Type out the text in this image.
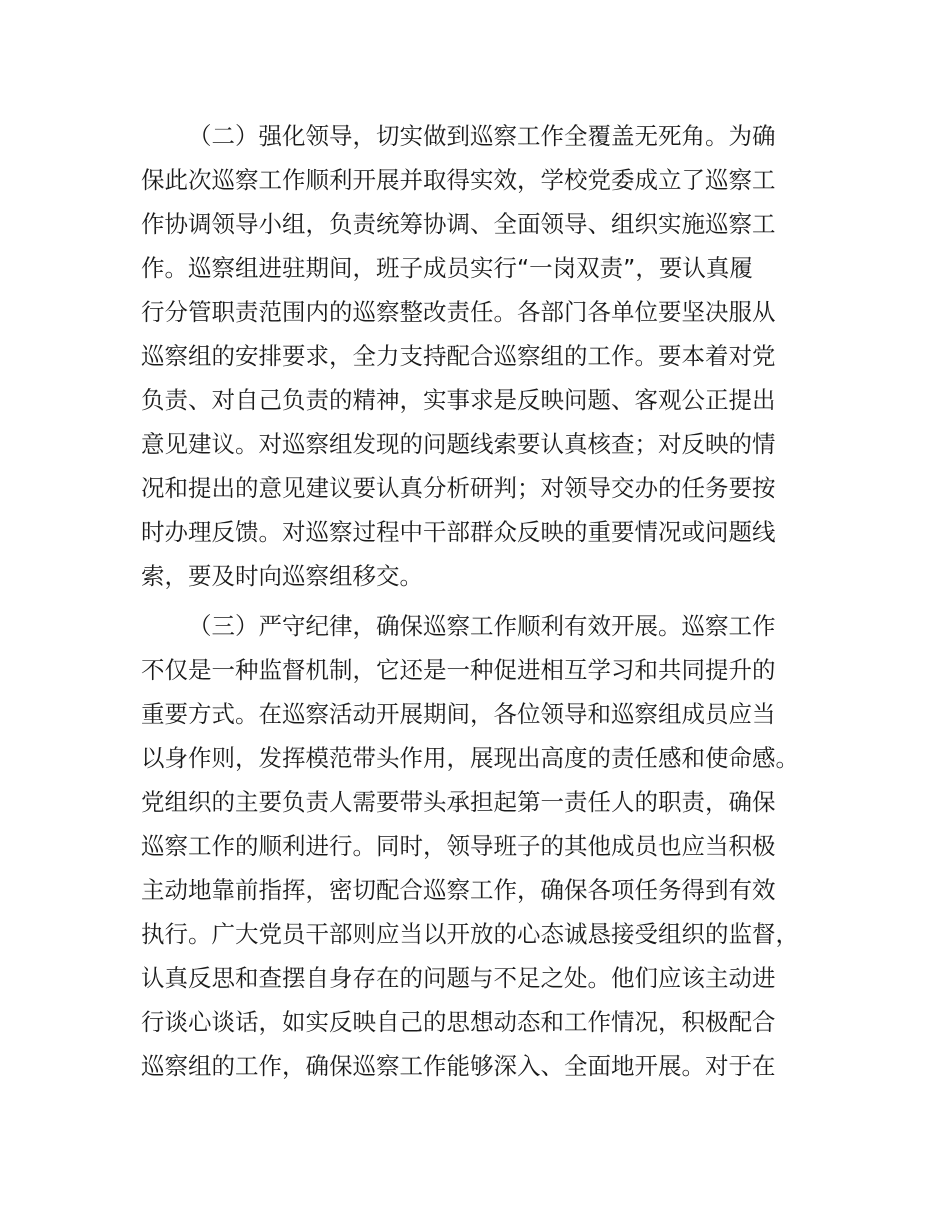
（二）强化领导，切实做到巡察工作全覆盖无死角。为确
保此次巡察工作顺利开展并取得实效，学校党委成立了巡察工
作协调领导小组，负责统筹协调、全面领导、组织实施巡察工
作。巡察组进驻期间，班子成员实行“一岗双责”，要认真履
行分管职责范围内的巡察整改责任。各部门各单位要坚决服从
巡察组的安排要求，全力支持配合巡察组的工作。要本着对党
负责、对自己负责的精神，实事求是反映问题、客观公正提出
意见建议。对巡察组发现的问题线索要认真核查；对反映的情
况和提出的意见建议要认真分析研判；对领导交办的任务要按
时办理反馈。对巡察过程中干部群众反映的重要情况或问题线
索，要及时向巡察组移交。
（三）严守纪律，确保巡察工作顺利有效开展。巡察工作
不仅是一种监督机制，它还是一种促进相互学习和共同提升的
重要方式。在巡察活动开展期间，各位领导和巡察组成员应当
以身作则，发挥模范带头作用，展现出高度的责任感和使命感。
党组织的主要负责人需要带头承担起第一责任人的职责，确保
巡察工作的顺利进行。同时，领导班子的其他成员也应当积极
主动地靠前指挥，密切配合巡察工作，确保各项任务得到有效
执行。广大党员干部则应当以开放的心态诚恳接受组织的监督，
认真反思和查摆自身存在的问题与不足之处。他们应该主动进
行谈心谈话，如实反映自己的思想动态和工作情况，积极配合
巡察组的工作，确保巡察工作能够深入、全面地开展。对于在
